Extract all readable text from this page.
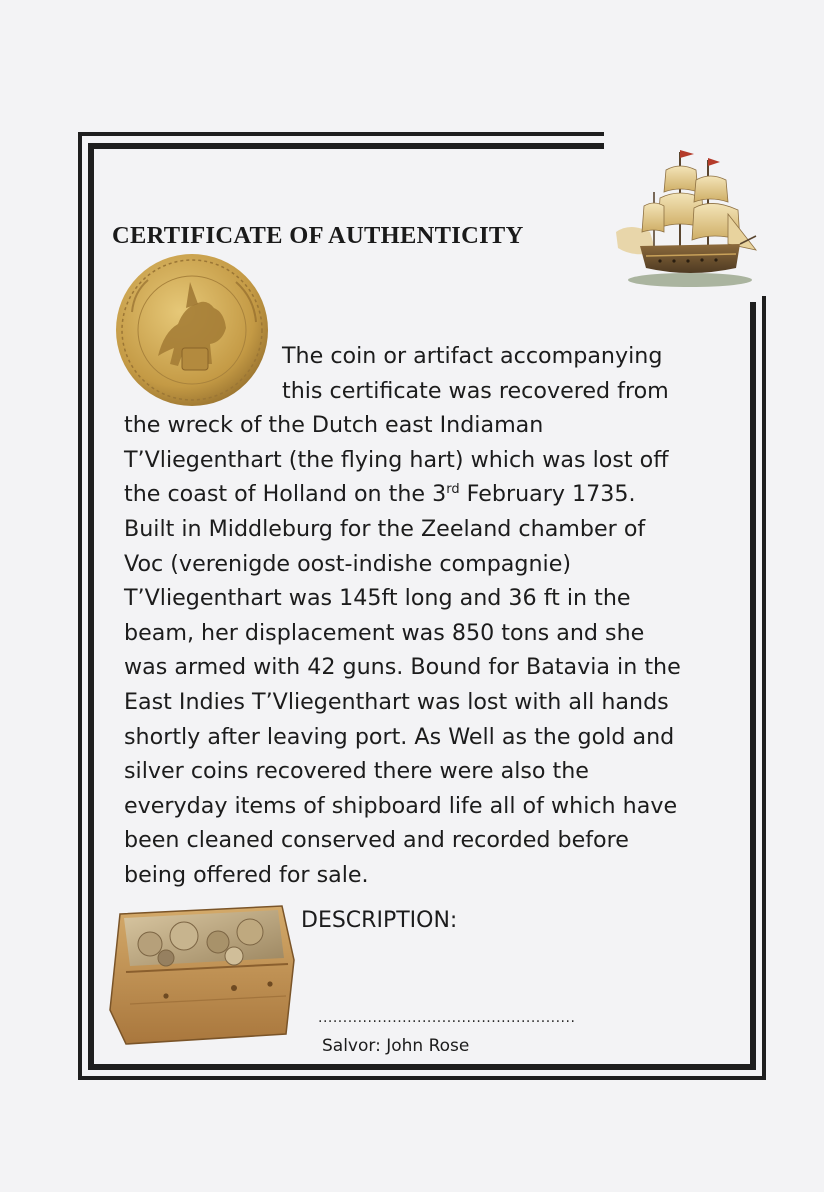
CERTIFICATE OF AUTHENTICITY
The coin or artifact accompanying
this certificate was recovered from
the wreck of the Dutch east Indiaman
T’Vliegenthart (the flying hart) which was lost off
the coast of Holland on the 3rd February 1735.
Built in Middleburg for the Zeeland chamber of
Voc (verenigde oost-indishe compagnie)
T’Vliegenthart was 145ft long and 36 ft in the
beam, her displacement was 850 tons and she
was armed with 42 guns. Bound for Batavia in the
East Indies T’Vliegenthart was lost with all hands
shortly after leaving port. As Well as the gold and
silver coins recovered there were also the
everyday items of shipboard life all of which have
been cleaned conserved and recorded before
being offered for sale.
DESCRIPTION:
....................................................
Salvor: John Rose
